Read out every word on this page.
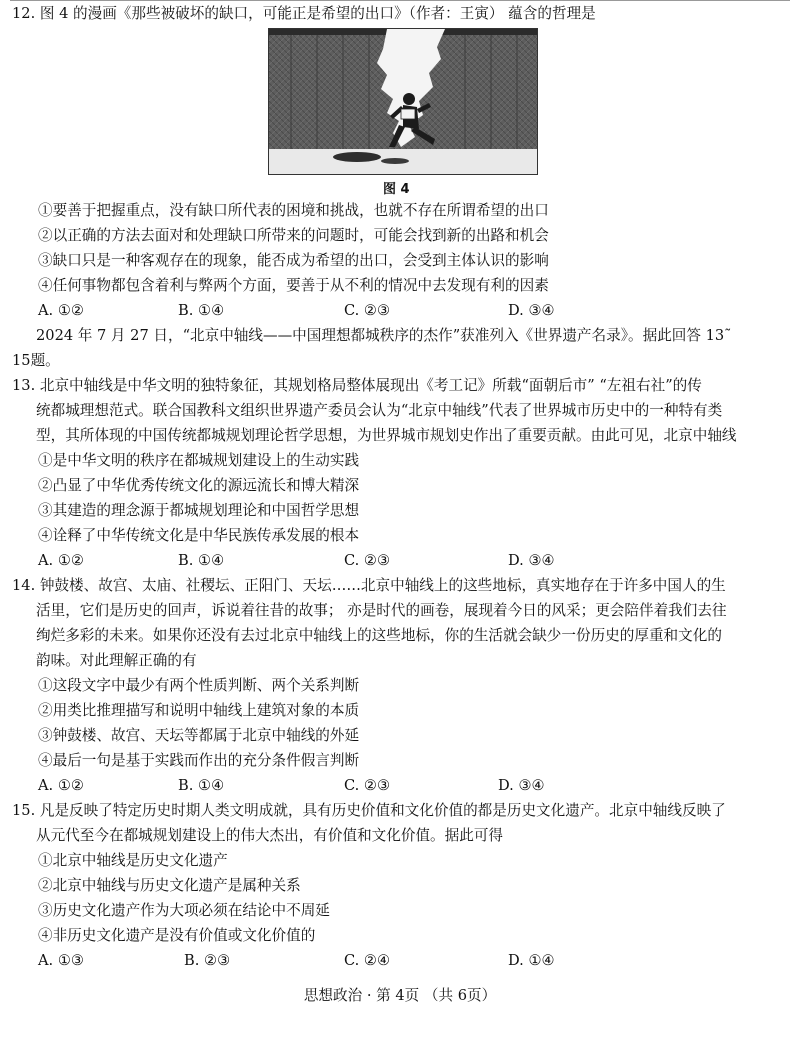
12. 图 4 的漫画《那些被破坏的缺口，可能正是希望的出口》（作者：王寅） 蕴含的哲理是
图 4
①要善于把握重点，没有缺口所代表的困境和挑战，也就不存在所谓希望的出口
②以正确的方法去面对和处理缺口所带来的问题时，可能会找到新的出路和机会
③缺口只是一种客观存在的现象，能否成为希望的出口，会受到主体认识的影响
④任何事物都包含着利与弊两个方面，要善于从不利的情况中去发现有利的因素
A. ①②	B. ①④	C. ②③	D. ③④
2024 年 7 月 27 日，“北京中轴线——中国理想都城秩序的杰作”获准列入《世界遗产名录》。据此回答 13˜
15题。
13. 北京中轴线是中华文明的独特象征，其规划格局整体展现出《考工记》所载“面朝后市” “左祖右社”的传
统都城理想范式。联合国教科文组织世界遗产委员会认为“北京中轴线”代表了世界城市历史中的一种特有类
型，其所体现的中国传统都城规划理论哲学思想，为世界城市规划史作出了重要贡献。由此可见，北京中轴线
①是中华文明的秩序在都城规划建设上的生动实践
②凸显了中华优秀传统文化的源远流长和博大精深
③其建造的理念源于都城规划理论和中国哲学思想
④诠释了中华传统文化是中华民族传承发展的根本
A. ①②	B. ①④	C. ②③	D. ③④
14. 钟鼓楼、故宫、太庙、社稷坛、正阳门、天坛……北京中轴线上的这些地标，真实地存在于许多中国人的生
活里，它们是历史的回声，诉说着往昔的故事； 亦是时代的画卷，展现着今日的风采；更会陪伴着我们去往
绚烂多彩的未来。如果你还没有去过北京中轴线上的这些地标，你的生活就会缺少一份历史的厚重和文化的
韵味。对此理解正确的有
①这段文字中最少有两个性质判断、两个关系判断
②用类比推理描写和说明中轴线上建筑对象的本质
③钟鼓楼、故宫、天坛等都属于北京中轴线的外延
④最后一句是基于实践而作出的充分条件假言判断
A. ①②	B. ①④	C. ②③	D. ③④
15. 凡是反映了特定历史时期人类文明成就，具有历史价值和文化价值的都是历史文化遗产。北京中轴线反映了
从元代至今在都城规划建设上的伟大杰出，有价值和文化价值。据此可得
①北京中轴线是历史文化遗产
②北京中轴线与历史文化遗产是属种关系
③历史文化遗产作为大项必须在结论中不周延
④非历史文化遗产是没有价值或文化价值的
A. ①③	B. ②③	C. ②④	D. ①④
思想政治 · 第 4页 （共 6页）
